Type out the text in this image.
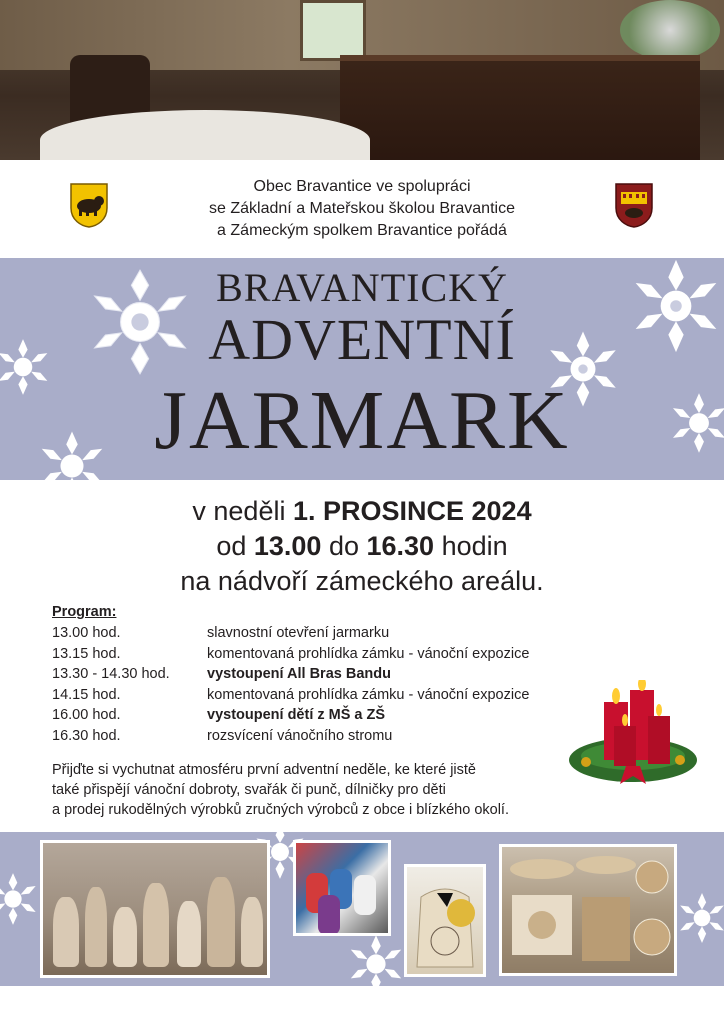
Obec Bravantice ve spolupráci
se Základní a Mateřskou školou Bravantice
a Zámeckým spolkem Bravantice pořádá
BRAVANTICKÝ
ADVENTNÍ
JARMARK
v neděli 1. PROSINCE 2024
od 13.00 do 16.30 hodin
na nádvoří zámeckého areálu.
Program:
13.00 hod.	slavnostní otevření jarmarku
13.15 hod.	komentovaná prohlídka zámku - vánoční expozice
13.30 - 14.30 hod.	vystoupení All Bras Bandu
14.15 hod.	komentovaná prohlídka zámku - vánoční expozice
16.00 hod.	vystoupení dětí z MŠ a ZŠ
16.30 hod.	rozsvícení vánočního stromu
Přijďte si vychutnat atmosféru první adventní neděle, ke které jistě
také přispějí vánoční dobroty, svařák či punč, dílničky pro děti
a prodej rukodělných výrobků zručných výrobců z obce i blízkého okolí.
